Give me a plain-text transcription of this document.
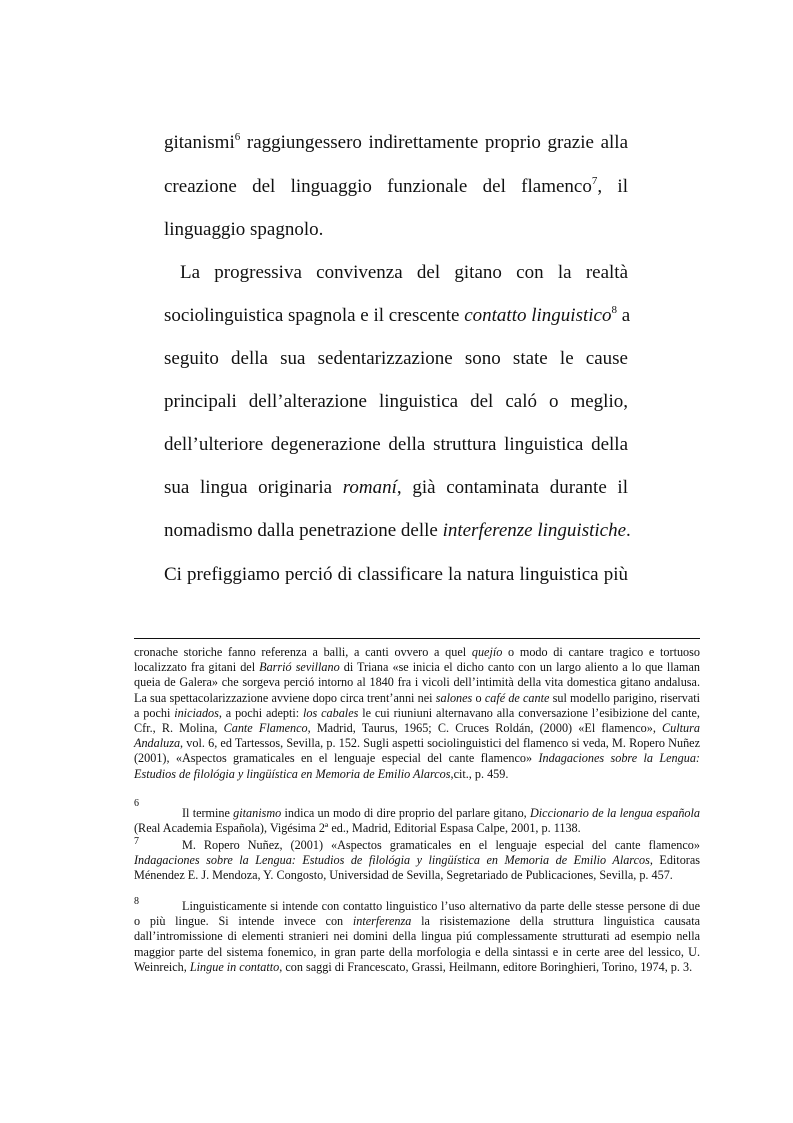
gitanismi$^6$ raggiungessero indirettamente proprio grazie alla
creazione del linguaggio funzionale del flamenco$^7$, il
linguaggio spagnolo.
La progressiva convivenza del gitano con la realtà
sociolinguistica spagnola e il crescente contatto linguistico$^8$ a
seguito della sua sedentarizzazione sono state le cause
principali dell’alterazione linguistica del caló o meglio,
dell’ulteriore degenerazione della struttura linguistica della
sua lingua originaria romaní, già contaminata durante il
nomadismo dalla penetrazione delle interferenze linguistiche.
Ci prefiggiamo perció di classificare la natura linguistica più

cronache storiche fanno referenza a balli, a canti ovvero a quel quejío o modo di cantare tragico e tortuoso localizzato fra gitani del Barrió sevillano di Triana «se inicia el dicho canto con un largo aliento a lo que llaman queia de Galera» che sorgeva perció intorno al 1840 fra i vicoli dell’intimità della vita domestica gitano andalusa. La sua spettacolarizzazione avviene dopo circa trent’anni nei salones o café de cante sul modello parigino, riservati a pochi iniciados, a pochi adepti: los cabales le cui riuniuni alternavano alla conversazione l’esibizione del cante, Cfr., R. Molina, Cante Flamenco, Madrid, Taurus, 1965; C. Cruces Roldán, (2000) «El flamenco», Cultura Andaluza, vol. 6, ed Tartessos, Sevilla, p. 152. Sugli aspetti sociolinguistici del flamenco si veda, M. Ropero Nuñez (2001), «Aspectos gramaticales en el lenguaje especial del cante flamenco» Indagaciones sobre la Lengua: Estudios de filológia y lingüística en Memoria de Emilio Alarcos,cit., p. 459.

6

Il termine gitanismo indica un modo di dire proprio del parlare gitano, Diccionario de la lengua española (Real Academia Española), Vigésima 2ª ed., Madrid, Editorial Espasa Calpe, 2001, p. 1138.

7	M. Ropero Nuñez, (2001) «Aspectos gramaticales en el lenguaje especial del cante flamenco» Indagaciones sobre la Lengua: Estudios de filológia y lingüística en Memoria de Emilio Alarcos, Editoras Ménendez E. J. Mendoza, Y. Congosto, Universidad de Sevilla, Segretariado de Publicaciones, Sevilla, p. 457.

8	Linguisticamente si intende con contatto linguistico l’uso alternativo da parte delle stesse persone di due o più lingue. Si intende invece con interferenza la risistemazione della struttura linguistica causata dall’intromissione di elementi stranieri nei domini della lingua piú complessamente strutturati ad esempio nella maggior parte del sistema fonemico, in gran parte della morfologia e della sintassi e in certe aree del lessico, U. Weinreich, Lingue in contatto, con saggi di Francescato, Grassi, Heilmann, editore Boringhieri, Torino, 1974, p. 3.
